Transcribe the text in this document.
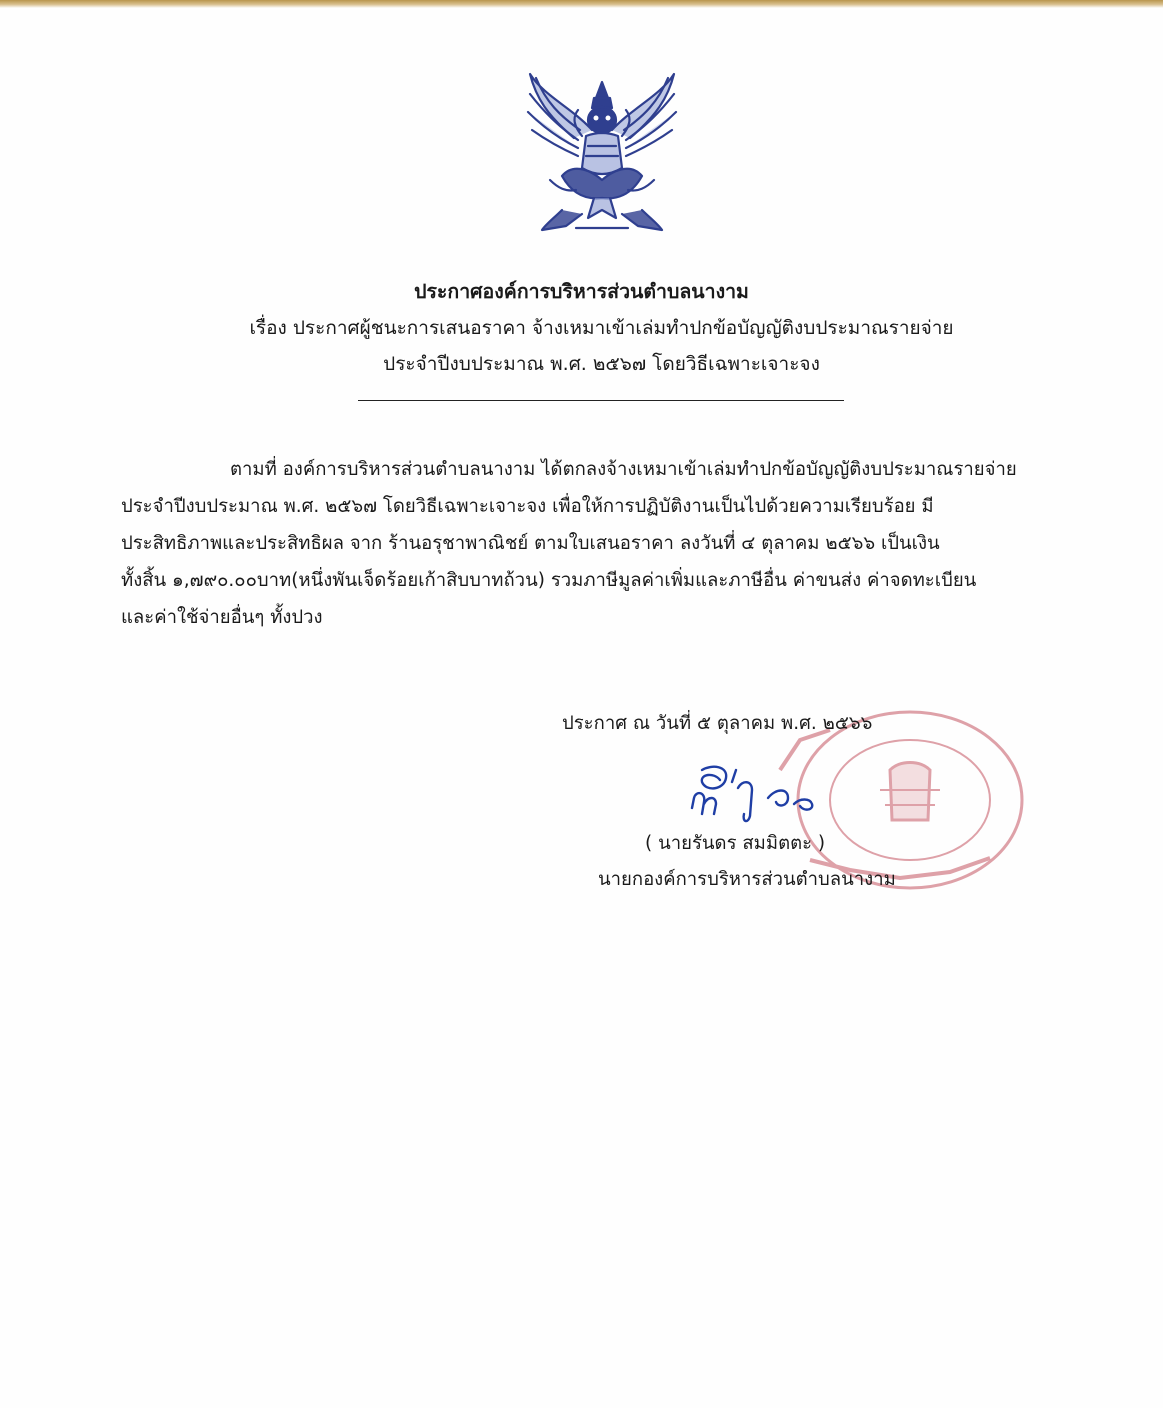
ประกาศองค์การบริหารส่วนตำบลนางาม
เรื่อง ประกาศผู้ชนะการเสนอราคา จ้างเหมาเข้าเล่มทำปกข้อบัญญัติงบประมาณรายจ่าย
ประจำปีงบประมาณ พ.ศ. ๒๕๖๗ โดยวิธีเฉพาะเจาะจง
ตามที่ องค์การบริหารส่วนตำบลนางาม ได้ตกลงจ้างเหมาเข้าเล่มทำปกข้อบัญญัติงบประมาณรายจ่าย
ประจำปีงบประมาณ พ.ศ. ๒๕๖๗ โดยวิธีเฉพาะเจาะจง เพื่อให้การปฏิบัติงานเป็นไปด้วยความเรียบร้อย มี
ประสิทธิภาพและประสิทธิผล จาก ร้านอรุชาพาณิชย์ ตามใบเสนอราคา ลงวันที่ ๔ ตุลาคม ๒๕๖๖ เป็นเงิน
ทั้งสิ้น ๑,๗๙๐.๐๐บาท(หนึ่งพันเจ็ดร้อยเก้าสิบบาทถ้วน) รวมภาษีมูลค่าเพิ่มและภาษีอื่น ค่าขนส่ง ค่าจดทะเบียน
และค่าใช้จ่ายอื่นๆ ทั้งปวง
ประกาศ ณ วันที่ ๕ ตุลาคม พ.ศ. ๒๕๖๖
( นายรันดร สมมิตตะ )
นายกองค์การบริหารส่วนตำบลนางาม
